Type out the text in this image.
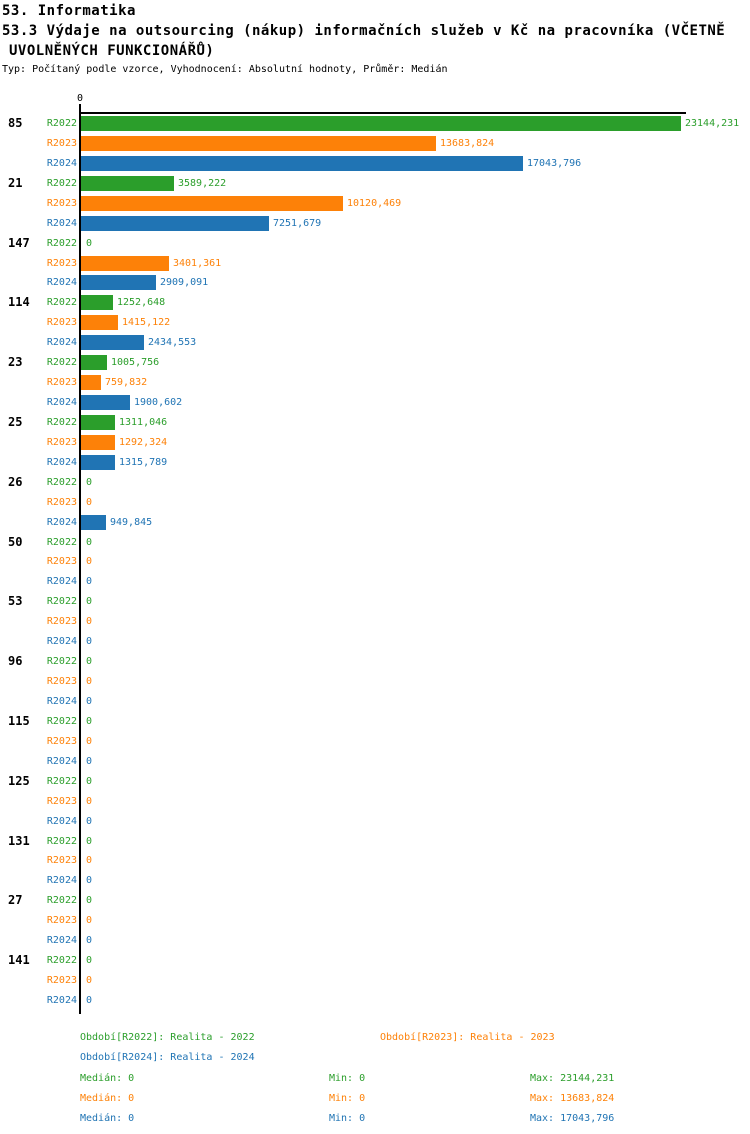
53. Informatika
53.3 Výdaje na outsourcing (nákup) informačních služeb v Kč na pracovníka (VČETNĚ
UVOLNĚNÝCH FUNKCIONÁŘŮ)
Typ: Počítaný podle vzorce, Vyhodnocení: Absolutní hodnoty, Průměr: Medián
0
85	R2022	23144,231
R2023	13683,824
R2024	17043,796
21	R2022	3589,222
R2023	10120,469
R2024	7251,679
147	R2022 0
R2023	3401,361
R2024	2909,091
114	R2022	1252,648
R2023	1415,122
R2024	2434,553
23	R2022	1005,756
R2023	759,832
R2024	1900,602
25	R2022	1311,046
R2023	1292,324
R2024	1315,789
26	R2022 0
R2023 0
R2024	949,845
50	R2022 0
R2023 0
R2024 0
53	R2022 0
R2023 0
R2024 0
96	R2022 0
R2023 0
R2024 0
115	R2022 0
R2023 0
R2024 0
125	R2022 0
R2023 0
R2024 0
131	R2022 0
R2023 0
R2024 0
27	R2022 0
R2023 0
R2024 0
141	R2022 0
R2023 0
R2024 0
Období[R2022]: Realita - 2022	Období[R2023]: Realita - 2023
Období[R2024]: Realita - 2024
Medián: 0	Min: 0	Max: 23144,231
Medián: 0	Min: 0	Max: 13683,824
Medián: 0	Min: 0	Max: 17043,796
